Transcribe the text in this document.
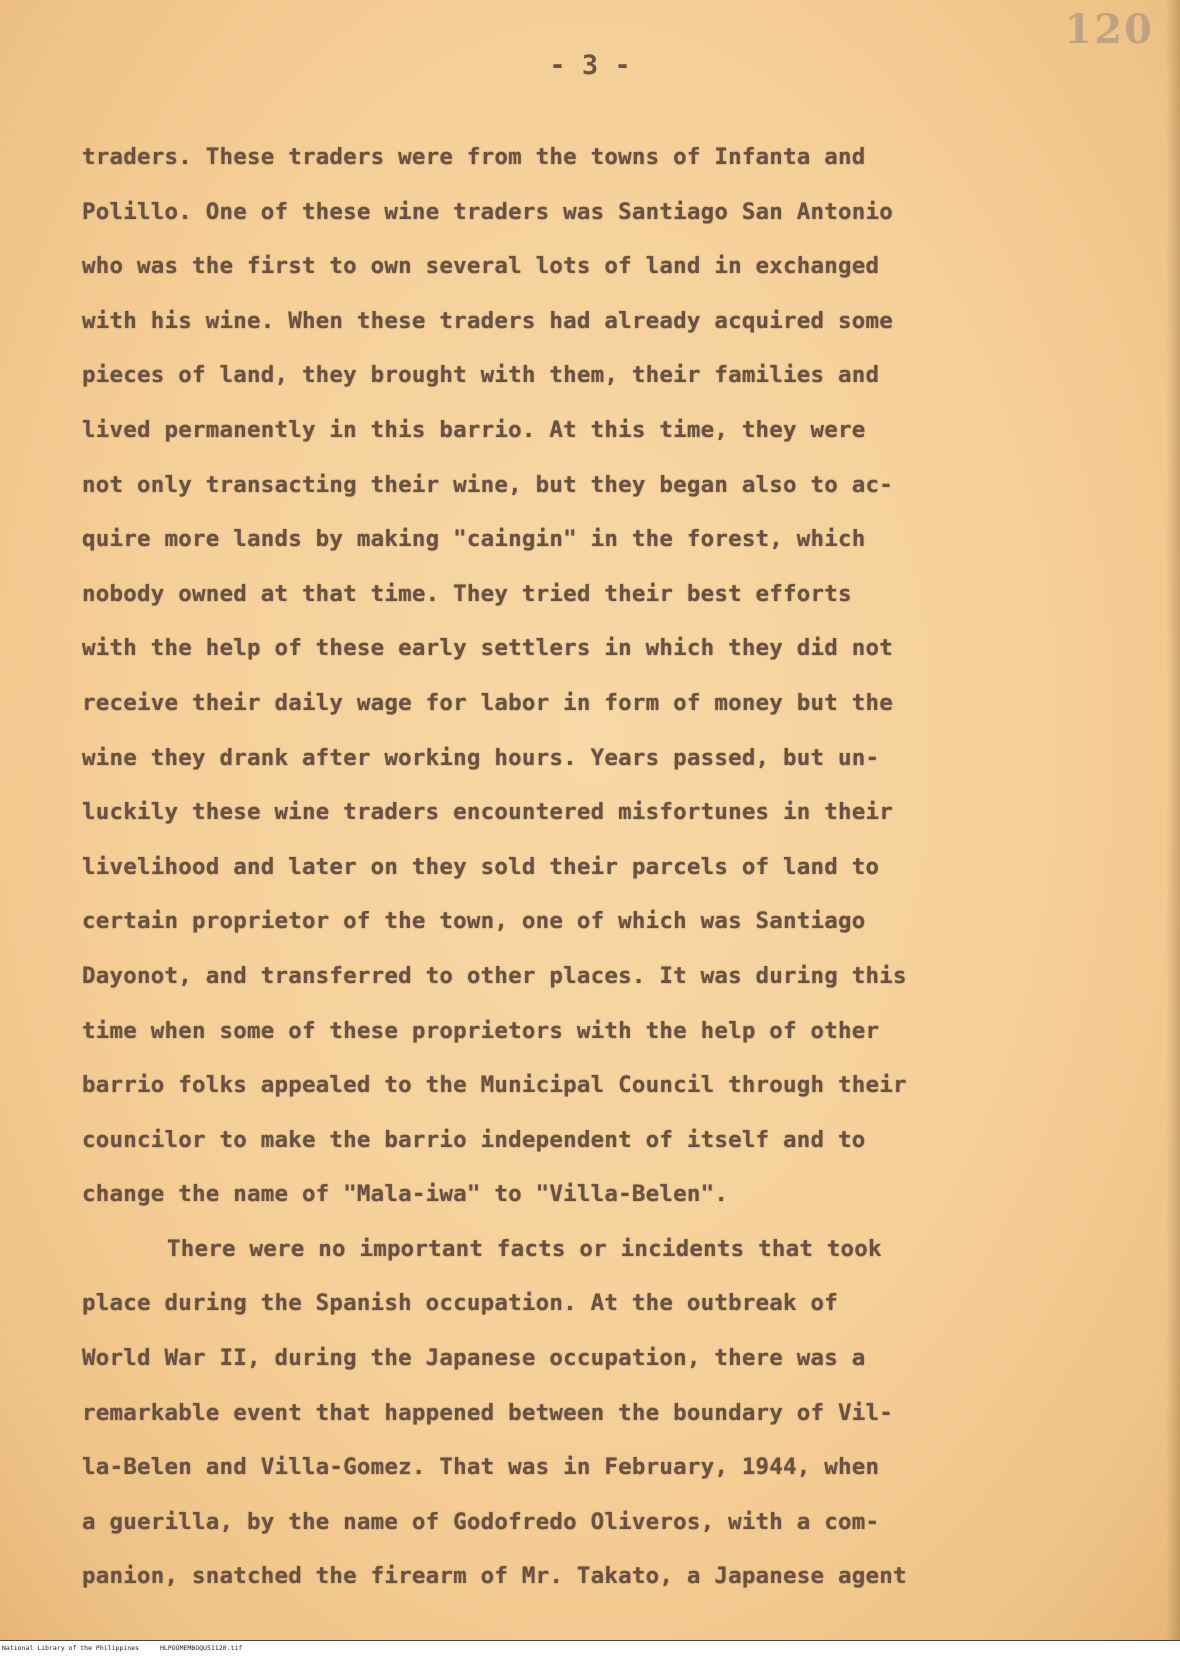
120
- 3 -
traders. These traders were from the towns of Infanta and
Polillo. One of these wine traders was Santiago San Antonio
who was the first to own several lots of land in exchanged
with his wine. When these traders had already acquired some
pieces of land, they brought with them, their families and
lived permanently in this barrio. At this time, they were
not only transacting their wine, but they began also to ac-
quire more lands by making "caingin" in the forest, which
nobody owned at that time. They tried their best efforts
with the help of these early settlers in which they did not
receive their daily wage for labor in form of money but the
wine they drank after working hours. Years passed, but un-
luckily these wine traders encountered misfortunes in their
livelihood and later on they sold their parcels of land to
certain proprietor of the town, one of which was Santiago
Dayonot, and transferred to other places. It was during this
time when some of these proprietors with the help of other
barrio folks appealed to the Municipal Council through their
councilor to make the barrio independent of itself and to
change the name of "Mala-iwa" to "Villa-Belen".
There were no important facts or incidents that took
place during the Spanish occupation. At the outbreak of
World War II, during the Japanese occupation, there was a
remarkable event that happened between the boundary of Vil-
la-Belen and Villa-Gomez. That was in February, 1944, when
a guerilla, by the name of Godofredo Oliveros, with a com-
panion, snatched the firearm of Mr. Takato, a Japanese agent
National Library of the Philippines	HLPOOMEMBOQU51120.tif
